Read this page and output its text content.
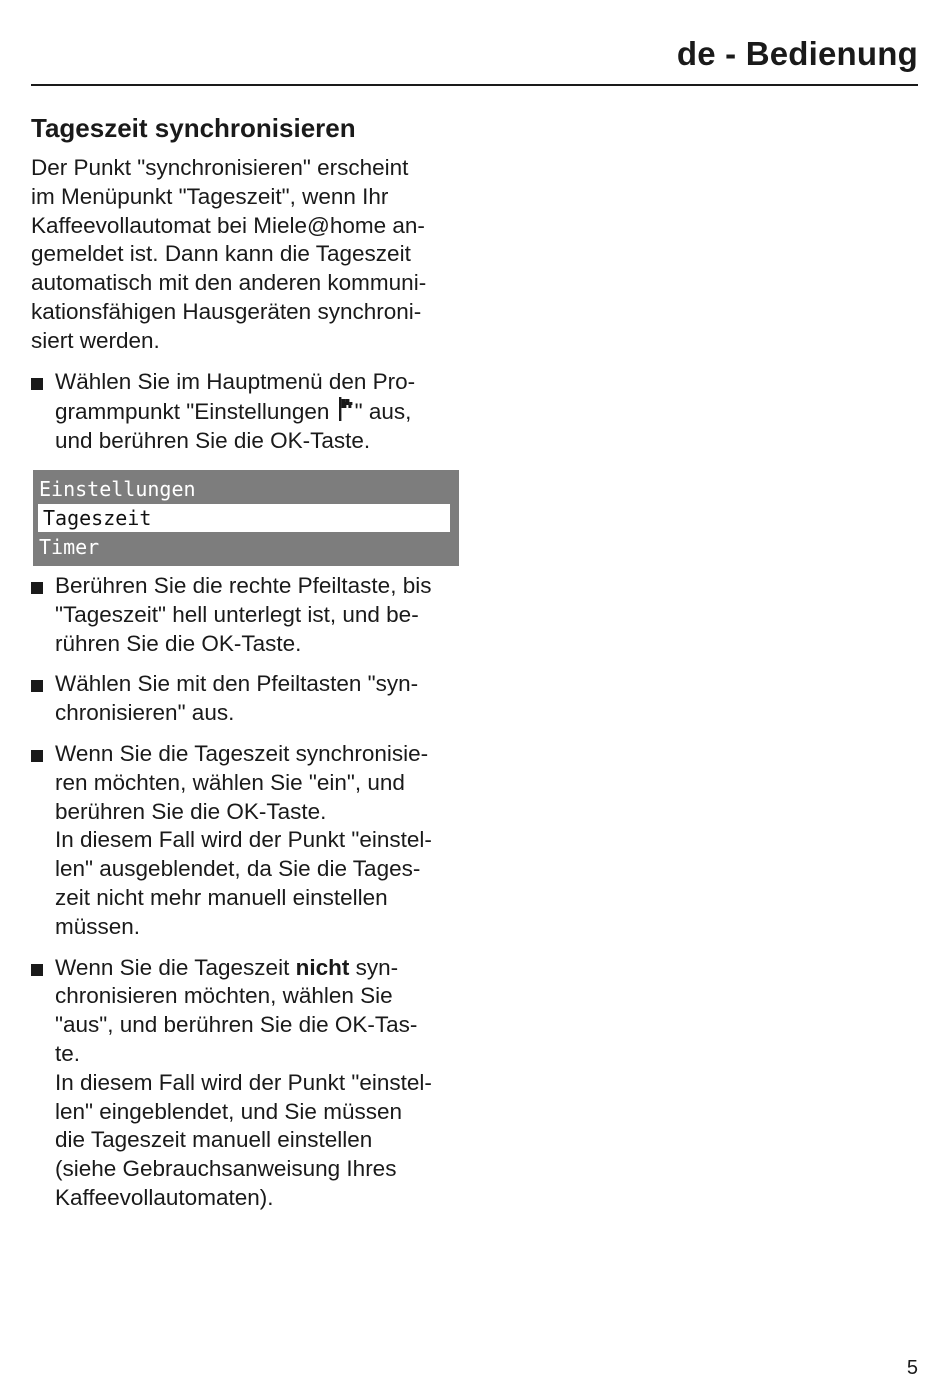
de - Bedienung
Tageszeit synchronisieren

Der Punkt "synchronisieren" erscheint
im Menüpunkt "Tageszeit", wenn Ihr
Kaffeevollautomat bei Miele@home an-
gemeldet ist. Dann kann die Tageszeit
automatisch mit den anderen kommuni-
kationsfähigen Hausgeräten synchroni-
siert werden.

Wählen Sie im Hauptmenü den Pro-
grammpunkt "Einstellungen
" aus,
und berühren Sie die OK-Taste.
Einstellungen
Tageszeit
Timer
Berühren Sie die rechte Pfeiltaste, bis
"Tageszeit" hell unterlegt ist, und be-
rühren Sie die OK-Taste.
Wählen Sie mit den Pfeiltasten "syn-
chronisieren" aus.
Wenn Sie die Tageszeit synchronisie-
ren möchten, wählen Sie "ein", und
berühren Sie die OK-Taste.
In diesem Fall wird der Punkt "einstel-
len" ausgeblendet, da Sie die Tages-
zeit nicht mehr manuell einstellen
müssen.
Wenn Sie die Tageszeit nicht syn-
chronisieren möchten, wählen Sie
"aus", und berühren Sie die OK-Tas-
te.
In diesem Fall wird der Punkt "einstel-
len" eingeblendet, und Sie müssen
die Tageszeit manuell einstellen
(siehe Gebrauchsanweisung Ihres
Kaffeevollautomaten).
5
